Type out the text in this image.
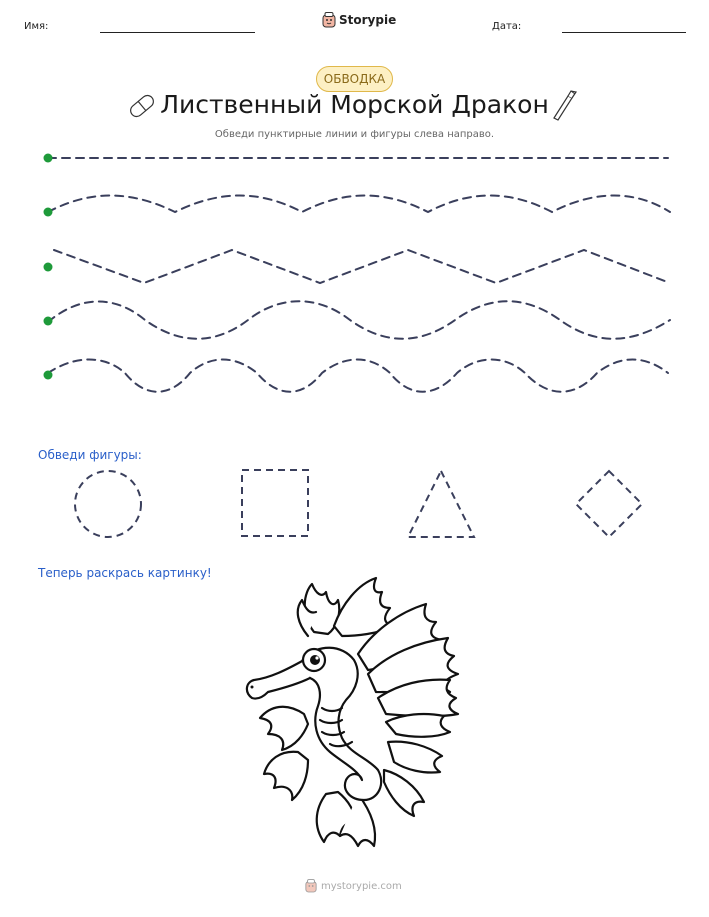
Имя:	Storypie	Дата:
ОБВОДКА
Лиственный Морской Дракон
Обведи пунктирные линии и фигуры слева направо.
Обведи фигуры:
Теперь раскрась картинку!
mystorypie.com
